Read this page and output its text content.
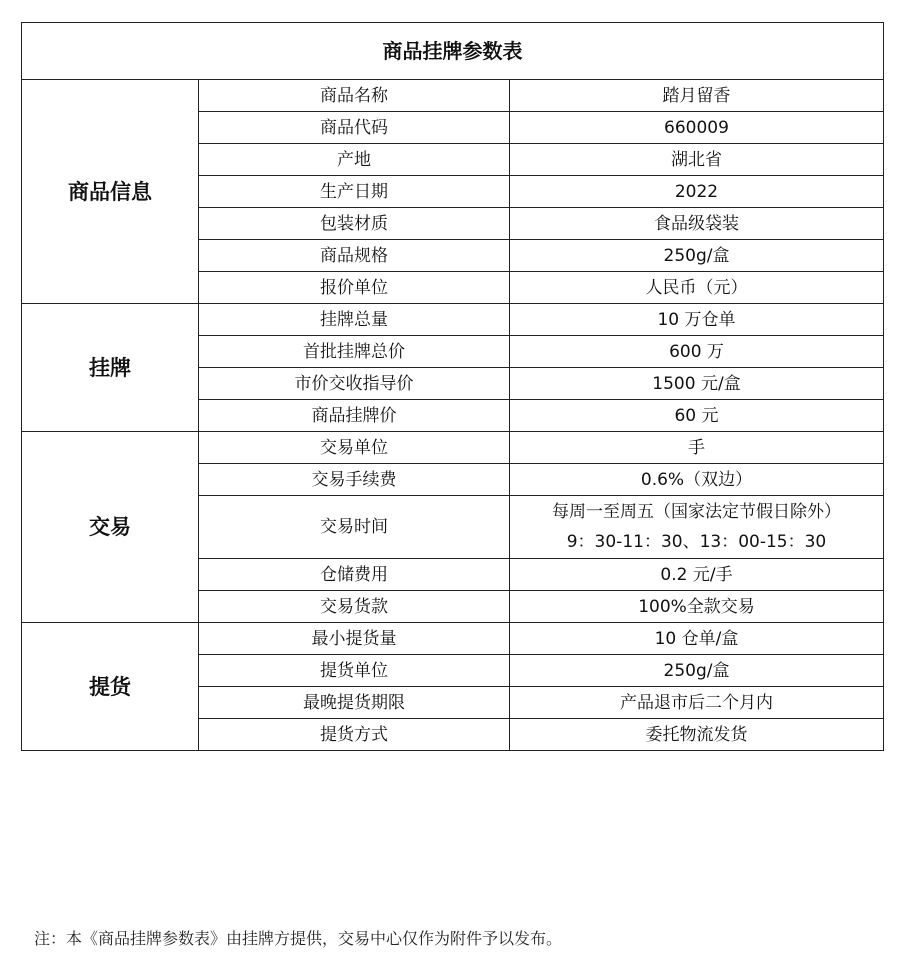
商品挂牌参数表		
商品信息	商品名称	踏月留香
	商品代码	660009
	产地	湖北省
	生产日期	2022
	包装材质	食品级袋装
	商品规格	250g/盒
	报价单位	人民币（元）
挂牌	挂牌总量	10 万仓单
	首批挂牌总价	600 万
	市价交收指导价	1500 元/盒
	商品挂牌价	60 元
交易	交易单位	手
	交易手续费	0.6%（双边）
	交易时间	每周一至周五（国家法定节假日除外）
9：30-11：30、13：00-15：30

	仓储费用	0.2 元/手
	交易货款	100%全款交易
提货	最小提货量	10 仓单/盒
	提货单位	250g/盒
	最晚提货期限	产品退市后二个月内
	提货方式	委托物流发货
注：本《商品挂牌参数表》由挂牌方提供，交易中心仅作为附件予以发布。
